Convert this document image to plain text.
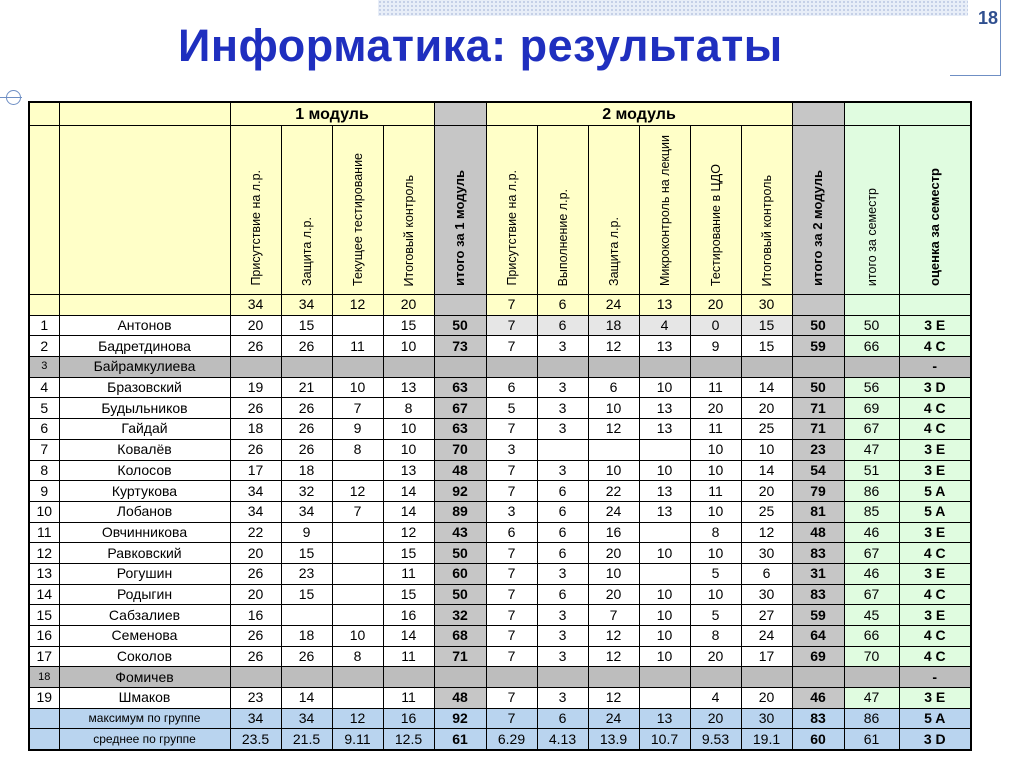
18
Информатика: результаты
		1 модуль					2 модуль								
		Присутствие на л.р.	Защита л.р.	Текущее тестирование	Итоговый контроль	итого за 1 модуль	Присутствие на л.р.	Выполнение л.р.	Защита л.р.	Микроконтроль на лекции	Тестирование в ЦДО	Итоговый контроль	итого за 2 модуль	итого за семестр	оценка за семестр
		34	34	12	20		7	6	24	13	20	30			
1	Антонов	20	15		15	50	7	6	18	4	0	15	50	50	3 E
2	Бадретдинова	26	26	11	10	73	7	3	12	13	9	15	59	66	4 C
3	Байрамкулиева														-
4	Бразовский	19	21	10	13	63	6	3	6	10	11	14	50	56	3 D
5	Будыльников	26	26	7	8	67	5	3	10	13	20	20	71	69	4 C
6	Гайдай	18	26	9	10	63	7	3	12	13	11	25	71	67	4 C
7	Ковалёв	26	26	8	10	70	3				10	10	23	47	3 E
8	Колосов	17	18		13	48	7	3	10	10	10	14	54	51	3 E
9	Куртукова	34	32	12	14	92	7	6	22	13	11	20	79	86	5 A
10	Лобанов	34	34	7	14	89	3	6	24	13	10	25	81	85	5 A
11	Овчинникова	22	9		12	43	6	6	16		8	12	48	46	3 E
12	Равковский	20	15		15	50	7	6	20	10	10	30	83	67	4 C
13	Рогушин	26	23		11	60	7	3	10		5	6	31	46	3 E
14	Родыгин	20	15		15	50	7	6	20	10	10	30	83	67	4 C
15	Сабзалиев	16			16	32	7	3	7	10	5	27	59	45	3 E
16	Семенова	26	18	10	14	68	7	3	12	10	8	24	64	66	4 C
17	Соколов	26	26	8	11	71	7	3	12	10	20	17	69	70	4 C
18	Фомичев														-
19	Шмаков	23	14		11	48	7	3	12		4	20	46	47	3 E
	максимум по группе	34	34	12	16	92	7	6	24	13	20	30	83	86	5 A
	среднее по группе	23.5	21.5	9.11	12.5	61	6.29	4.13	13.9	10.7	9.53	19.1	60	61	3 D
